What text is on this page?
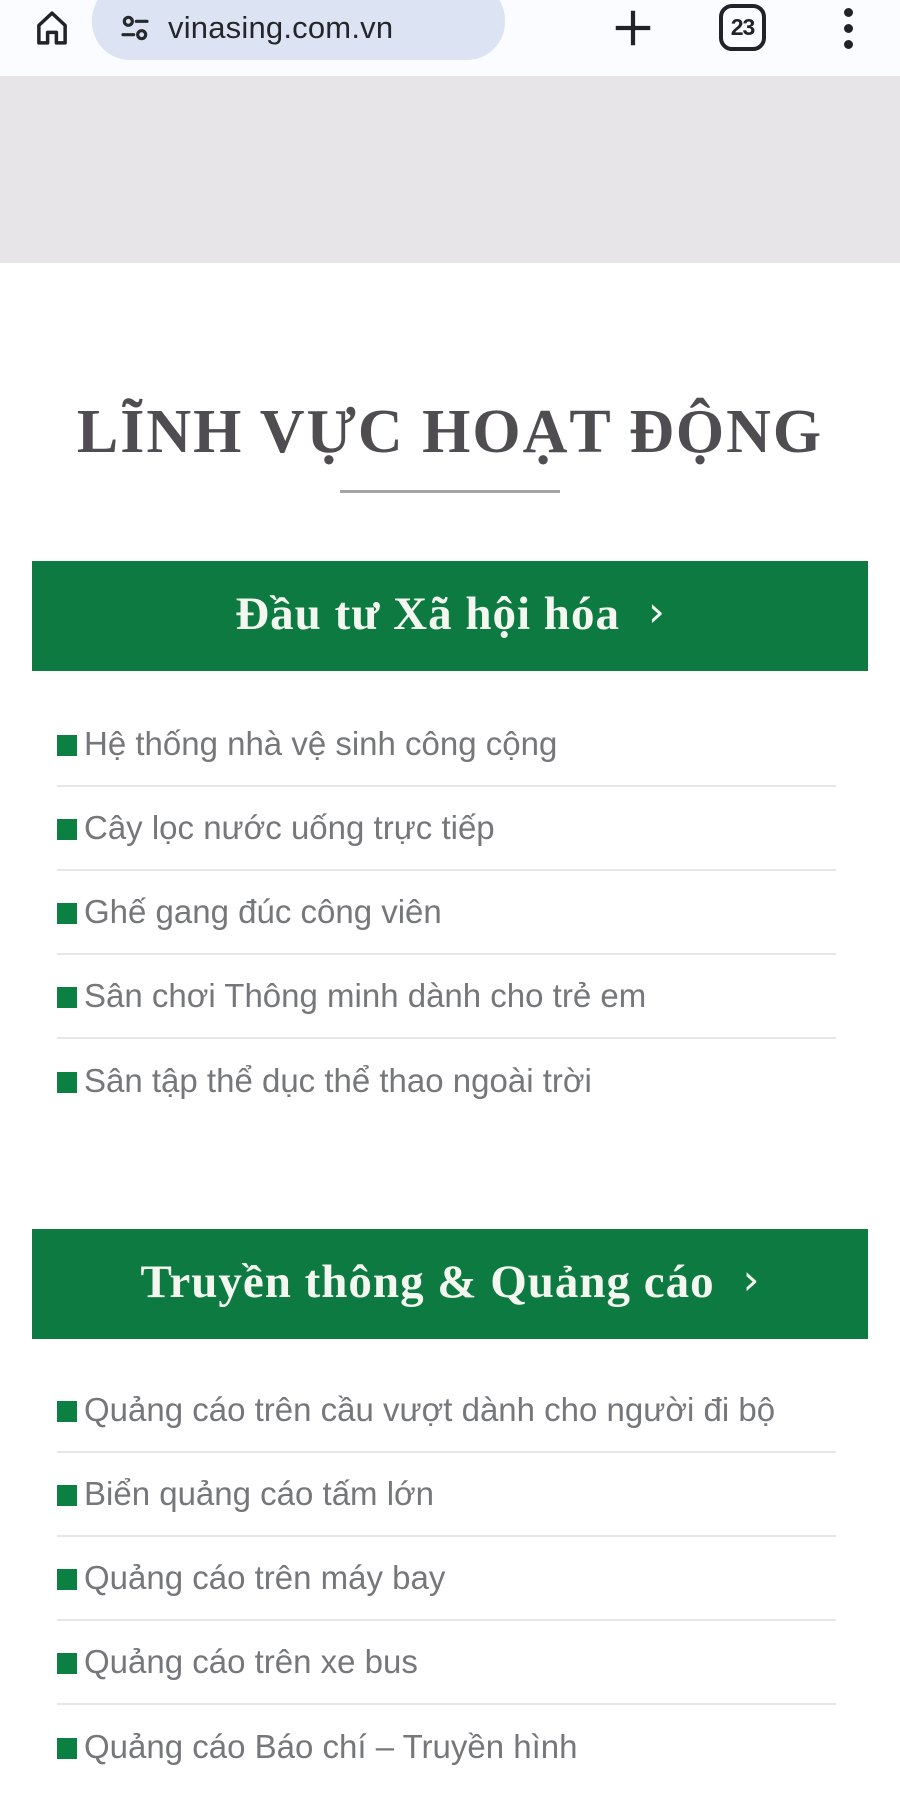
vinasing.com.vn	23
LĨNH VỰC HOẠT ĐỘNG
Đầu tư Xã hội hóa ›
Hệ thống nhà vệ sinh công cộng
Cây lọc nước uống trực tiếp
Ghế gang đúc công viên
Sân chơi Thông minh dành cho trẻ em
Sân tập thể dục thể thao ngoài trời
Truyền thông & Quảng cáo ›
Quảng cáo trên cầu vượt dành cho người đi bộ
Biển quảng cáo tấm lớn
Quảng cáo trên máy bay
Quảng cáo trên xe bus
Quảng cáo Báo chí – Truyền hình
